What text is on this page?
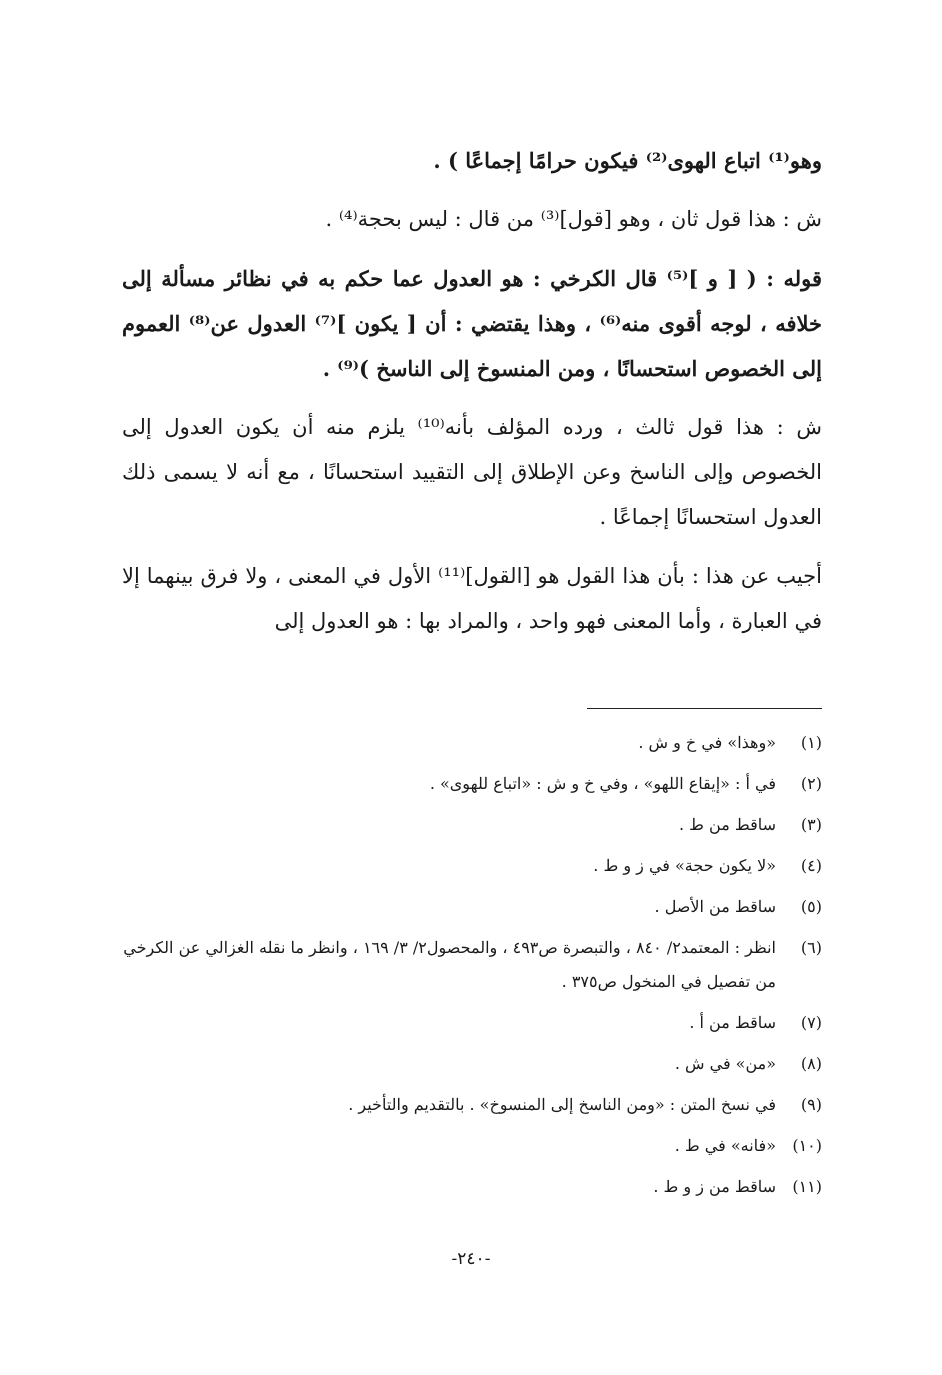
وهو⁽¹⁾ اتباع الهوى⁽²⁾ فيكون حرامًا إجماعًا ) .

ش : هذا قول ثان ، وهو [قول]⁽³⁾ من قال : ليس بحجة⁽⁴⁾ .

قوله : ( [ و ]⁽⁵⁾ قال الكرخي : هو العدول عما حكم به في نظائر مسألة إلى خلافه ، لوجه أقوى منه⁽⁶⁾ ، وهذا يقتضي : أن [ يكون ]⁽⁷⁾ العدول عن⁽⁸⁾ العموم إلى الخصوص استحسانًا ، ومن المنسوخ إلى الناسخ )⁽⁹⁾ .

ش : هذا قول ثالث ، ورده المؤلف بأنه⁽¹⁰⁾ يلزم منه أن يكون العدول إلى الخصوص وإلى الناسخ وعن الإطلاق إلى التقييد استحسانًا ، مع أنه لا يسمى ذلك العدول استحسانًا إجماعًا .

أجيب عن هذا : بأن هذا القول هو [القول]⁽¹¹⁾ الأول في المعنى ، ولا فرق بينهما إلا في العبارة ، وأما المعنى فهو واحد ، والمراد بها : هو العدول إلى

(١)
«وهذا» في خ و ش .
(٢)
في أ : «إيقاع اللهو» ، وفي خ و ش : «اتباع للهوى» .
(٣)
ساقط من ط .
(٤)
«لا يكون حجة» في ز و ط .
(٥)
ساقط من الأصل .
(٦)
انظر : المعتمد٢/ ٨٤٠ ، والتبصرة ص٤٩٣ ، والمحصول٢/ ٣/ ١٦٩ ، وانظر ما نقله الغزالي عن الكرخي من تفصيل في المنخول ص٣٧٥ .
(٧)
ساقط من أ .
(٨)
«من» في ش .
(٩)
في نسخ المتن : «ومن الناسخ إلى المنسوخ» . بالتقديم والتأخير .
(١٠)
«فانه» في ط .
(١١)
ساقط من ز و ط .
-٢٤٠-
